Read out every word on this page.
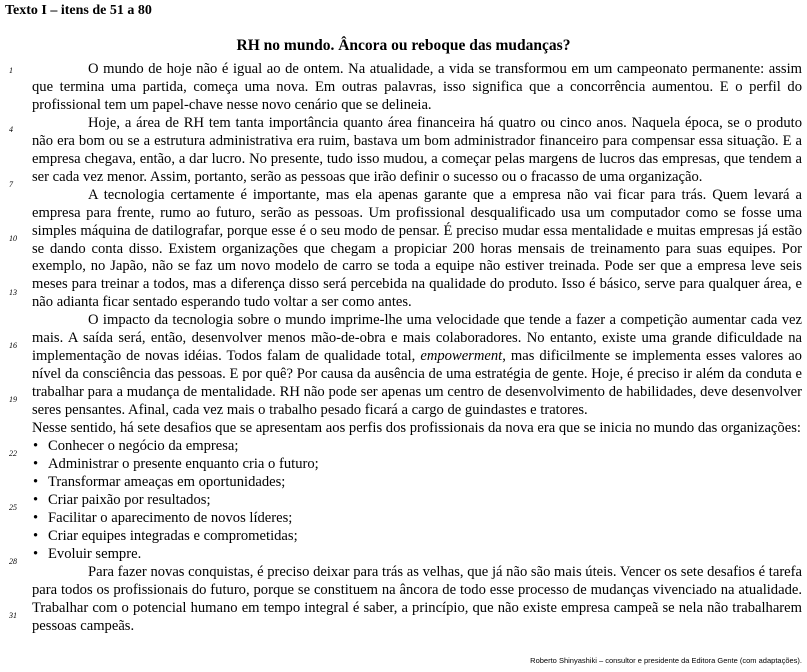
Texto I – itens de 51 a 80
RH no mundo. Âncora ou reboque das mudanças?

O mundo de hoje não é igual ao de ontem. Na atualidade, a vida se transformou em um campeonato permanente: assim que termina uma partida, começa uma nova. Em outras palavras, isso significa que a concorrência aumentou. E o perfil do profissional tem um papel-chave nesse novo cenário que se delineia.

Hoje, a área de RH tem tanta importância quanto área financeira há quatro ou cinco anos. Naquela época, se o produto não era bom ou se a estrutura administrativa era ruim, bastava um bom administrador financeiro para compensar essa situação. E a empresa chegava, então, a dar lucro. No presente, tudo isso mudou, a começar pelas margens de lucros das empresas, que tendem a ser cada vez menor. Assim, portanto, serão as pessoas que irão definir o sucesso ou o fracasso de uma organização.

A tecnologia certamente é importante, mas ela apenas garante que a empresa não vai ficar para trás. Quem levará a empresa para frente, rumo ao futuro, serão as pessoas. Um profissional desqualificado usa um computador como se fosse uma simples máquina de datilografar, porque esse é o seu modo de pensar. É preciso mudar essa mentalidade e muitas empresas já estão se dando conta disso. Existem organizações que chegam a propiciar 200 horas mensais de treinamento para suas equipes. Por exemplo, no Japão, não se faz um novo modelo de carro se toda a equipe não estiver treinada. Pode ser que a empresa leve seis meses para treinar a todos, mas a diferença disso será percebida na qualidade do produto. Isso é básico, serve para qualquer área, e não adianta ficar sentado esperando tudo voltar a ser como antes.

O impacto da tecnologia sobre o mundo imprime-lhe uma velocidade que tende a fazer a competição aumentar cada vez mais. A saída será, então, desenvolver menos mão-de-obra e mais colaboradores. No entanto, existe uma grande dificuldade na implementação de novas idéias. Todos falam de qualidade total, empowerment, mas dificilmente se implementa esses valores ao nível da consciência das pessoas. E por quê? Por causa da ausência de uma estratégia de gente. Hoje, é preciso ir além da conduta e trabalhar para a mudança de mentalidade. RH não pode ser apenas um centro de desenvolvimento de habilidades, deve desenvolver seres pensantes. Afinal, cada vez mais o trabalho pesado ficará a cargo de guindastes e tratores.

Nesse sentido, há sete desafios que se apresentam aos perfis dos profissionais da nova era que se inicia no mundo das organizações:

• Conhecer o negócio da empresa;
• Administrar o presente enquanto cria o futuro;
• Transformar ameaças em oportunidades;
• Criar paixão por resultados;
• Facilitar o aparecimento de novos líderes;
• Criar equipes integradas e comprometidas;
• Evoluir sempre.

Para fazer novas conquistas, é preciso deixar para trás as velhas, que já não são mais úteis. Vencer os sete desafios é tarefa para todos os profissionais do futuro, porque se constituem na âncora de todo esse processo de mudanças vivenciado na atualidade. Trabalhar com o potencial humano em tempo integral é saber, a princípio, que não existe empresa campeã se nela não trabalharem pessoas campeãs.

1
4
7
10
13
16
19
22
25
28
31
Roberto Shinyashiki – consultor e presidente da Editora Gente (com adaptações).
